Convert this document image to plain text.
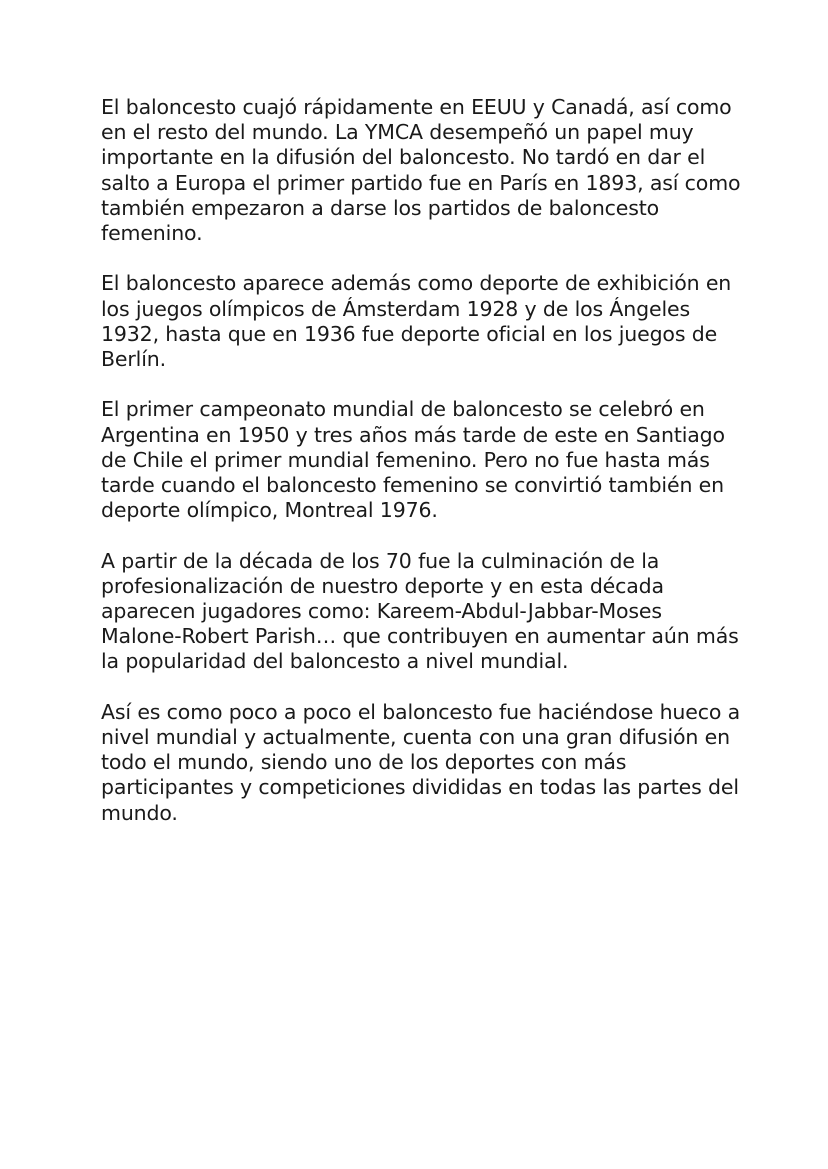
El baloncesto cuajó rápidamente en EEUU y Canadá, así como en el resto del mundo. La YMCA desempeñó un papel muy importante en la difusión del baloncesto. No tardó en dar el salto a Europa el primer partido fue en París en 1893, así como también empezaron a darse los partidos de baloncesto femenino.

El baloncesto aparece además como deporte de exhibición en los juegos olímpicos de Ámsterdam 1928 y de los Ángeles 1932, hasta que en 1936 fue deporte oficial en los juegos de Berlín.

El primer campeonato mundial de baloncesto se celebró en Argentina en 1950 y tres años más tarde de este en Santiago de Chile el primer mundial femenino. Pero no fue hasta más tarde cuando el baloncesto femenino se convirtió también en deporte olímpico, Montreal 1976.

A partir de la década de los 70 fue la culminación de la profesionalización de nuestro deporte y en esta década aparecen jugadores como: Kareem-Abdul-Jabbar-Moses Malone-Robert Parish… que contribuyen en aumentar aún más la popularidad del baloncesto a nivel mundial.

Así es como poco a poco el baloncesto fue haciéndose hueco a nivel mundial y actualmente, cuenta con una gran difusión en todo el mundo, siendo uno de los deportes con más participantes y competiciones divididas en todas las partes del mundo.
